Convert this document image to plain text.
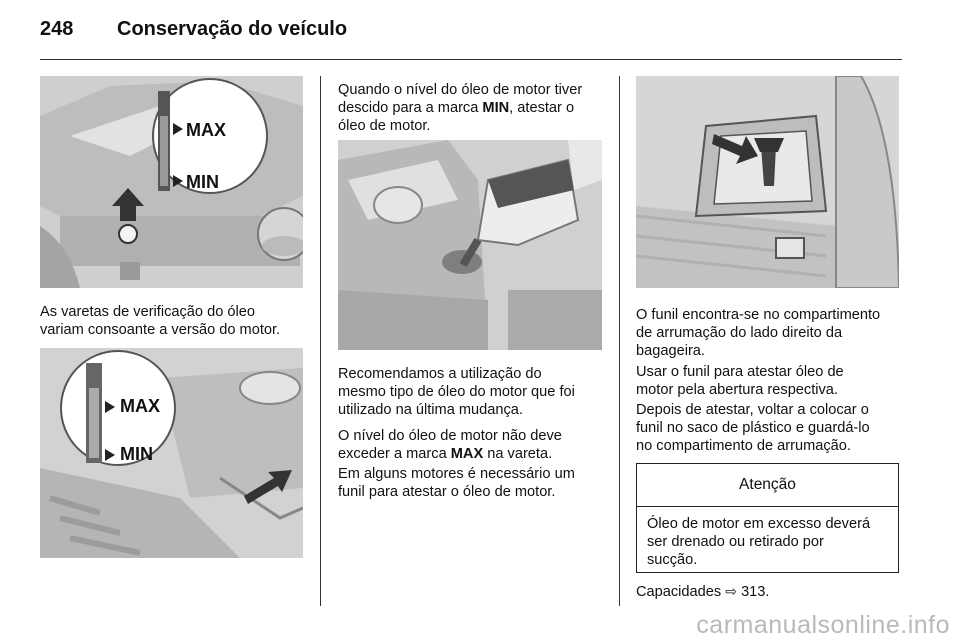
248 Conservação do veículo
MAX
MIN

As varetas de verificação do óleo
variam consoante a versão do motor.

MAX
MIN

Quando o nível do óleo de motor tiver
descido para a marca MIN, atestar o
óleo de motor.

Recomendamos a utilização do
mesmo tipo de óleo do motor que foi
utilizado na última mudança.

O nível do óleo de motor não deve
exceder a marca MAX na vareta.

Em alguns motores é necessário um
funil para atestar o óleo de motor.

O funil encontra-se no compartimento
de arrumação do lado direito da
bagageira.

Usar o funil para atestar óleo de
motor pela abertura respectiva.

Depois de atestar, voltar a colocar o
funil no saco de plástico e guardá-lo
no compartimento de arrumação.

Atenção
Óleo de motor em excesso deverá
ser drenado ou retirado por
sucção.

Capacidades ⇨ 313.

carmanualsonline.info
